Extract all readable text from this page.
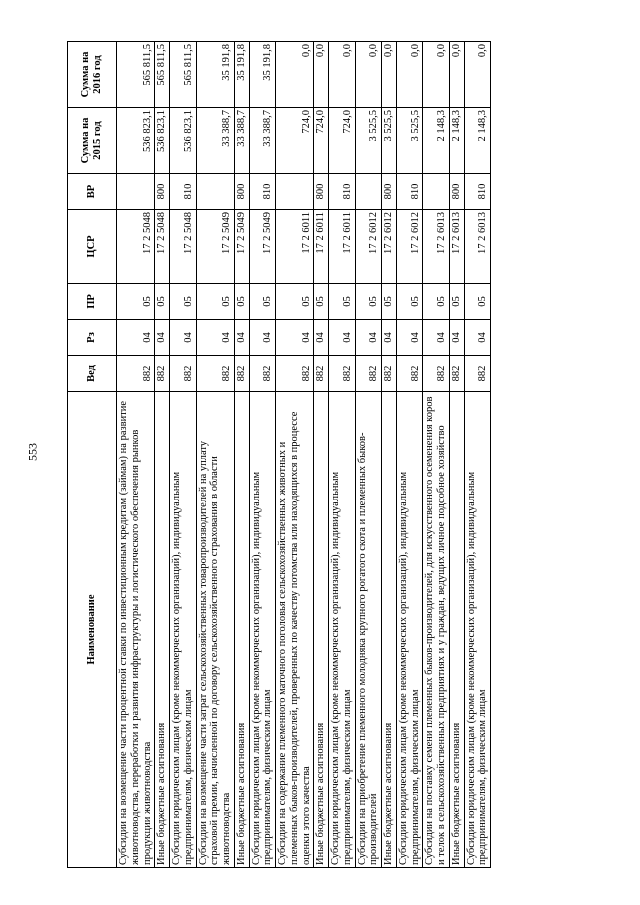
553
Наименование	Вед	Рз	ПР	ЦСР	ВР	Сумма на 2015 год	Сумма на 2016 год
Субсидии на возмещение части процентной ставки по инвестиционным кредитам (займам) на развитие животноводства, переработки и развития инфраструктуры и логистического обеспечения рынков продукции животноводства	882	04	05	17 2 5048		536 823,1	565 811,5
Иные бюджетные ассигнования	882	04	05	17 2 5048	800	536 823,1	565 811,5
Субсидии юридическим лицам (кроме некоммерческих организаций), индивидуальным предпринимателям, физическим лицам	882	04	05	17 2 5048	810	536 823,1	565 811,5
Субсидии на возмещение части затрат сельскохозяйственных товаропроизводителей на уплату страховой премии, начисленной по договору сельскохозяйственного страхования в области животноводства	882	04	05	17 2 5049		33 388,7	35 191,8
Иные бюджетные ассигнования	882	04	05	17 2 5049	800	33 388,7	35 191,8
Субсидии юридическим лицам (кроме некоммерческих организаций), индивидуальным предпринимателям, физическим лицам	882	04	05	17 2 5049	810	33 388,7	35 191,8
Субсидии на содержание племенного маточного поголовья сельскохозяйственных животных и племенных быков-производителей, проверенных по качеству потомства или находящихся в процессе оценки этого качества	882	04	05	17 2 6011		724,0	0,0
Иные бюджетные ассигнования	882	04	05	17 2 6011	800	724,0	0,0
Субсидии юридическим лицам (кроме некоммерческих организаций), индивидуальным предпринимателям, физическим лицам	882	04	05	17 2 6011	810	724,0	0,0
Субсидии на приобретение племенного молодняка крупного рогатого скота и племенных быков-производителей	882	04	05	17 2 6012		3 525,5	0,0
Иные бюджетные ассигнования	882	04	05	17 2 6012	800	3 525,5	0,0
Субсидии юридическим лицам (кроме некоммерческих организаций), индивидуальным предпринимателям, физическим лицам	882	04	05	17 2 6012	810	3 525,5	0,0
Субсидии на поставку семени племенных быков-производителей, для искусственного осеменения коров и телок в сельскохозяйственных предприятиях и у граждан, ведущих личное подсобное хозяйство	882	04	05	17 2 6013		2 148,3	0,0
Иные бюджетные ассигнования	882	04	05	17 2 6013	800	2 148,3	0,0
Субсидии юридическим лицам (кроме некоммерческих организаций), индивидуальным предпринимателям, физическим лицам	882	04	05	17 2 6013	810	2 148,3	0,0
